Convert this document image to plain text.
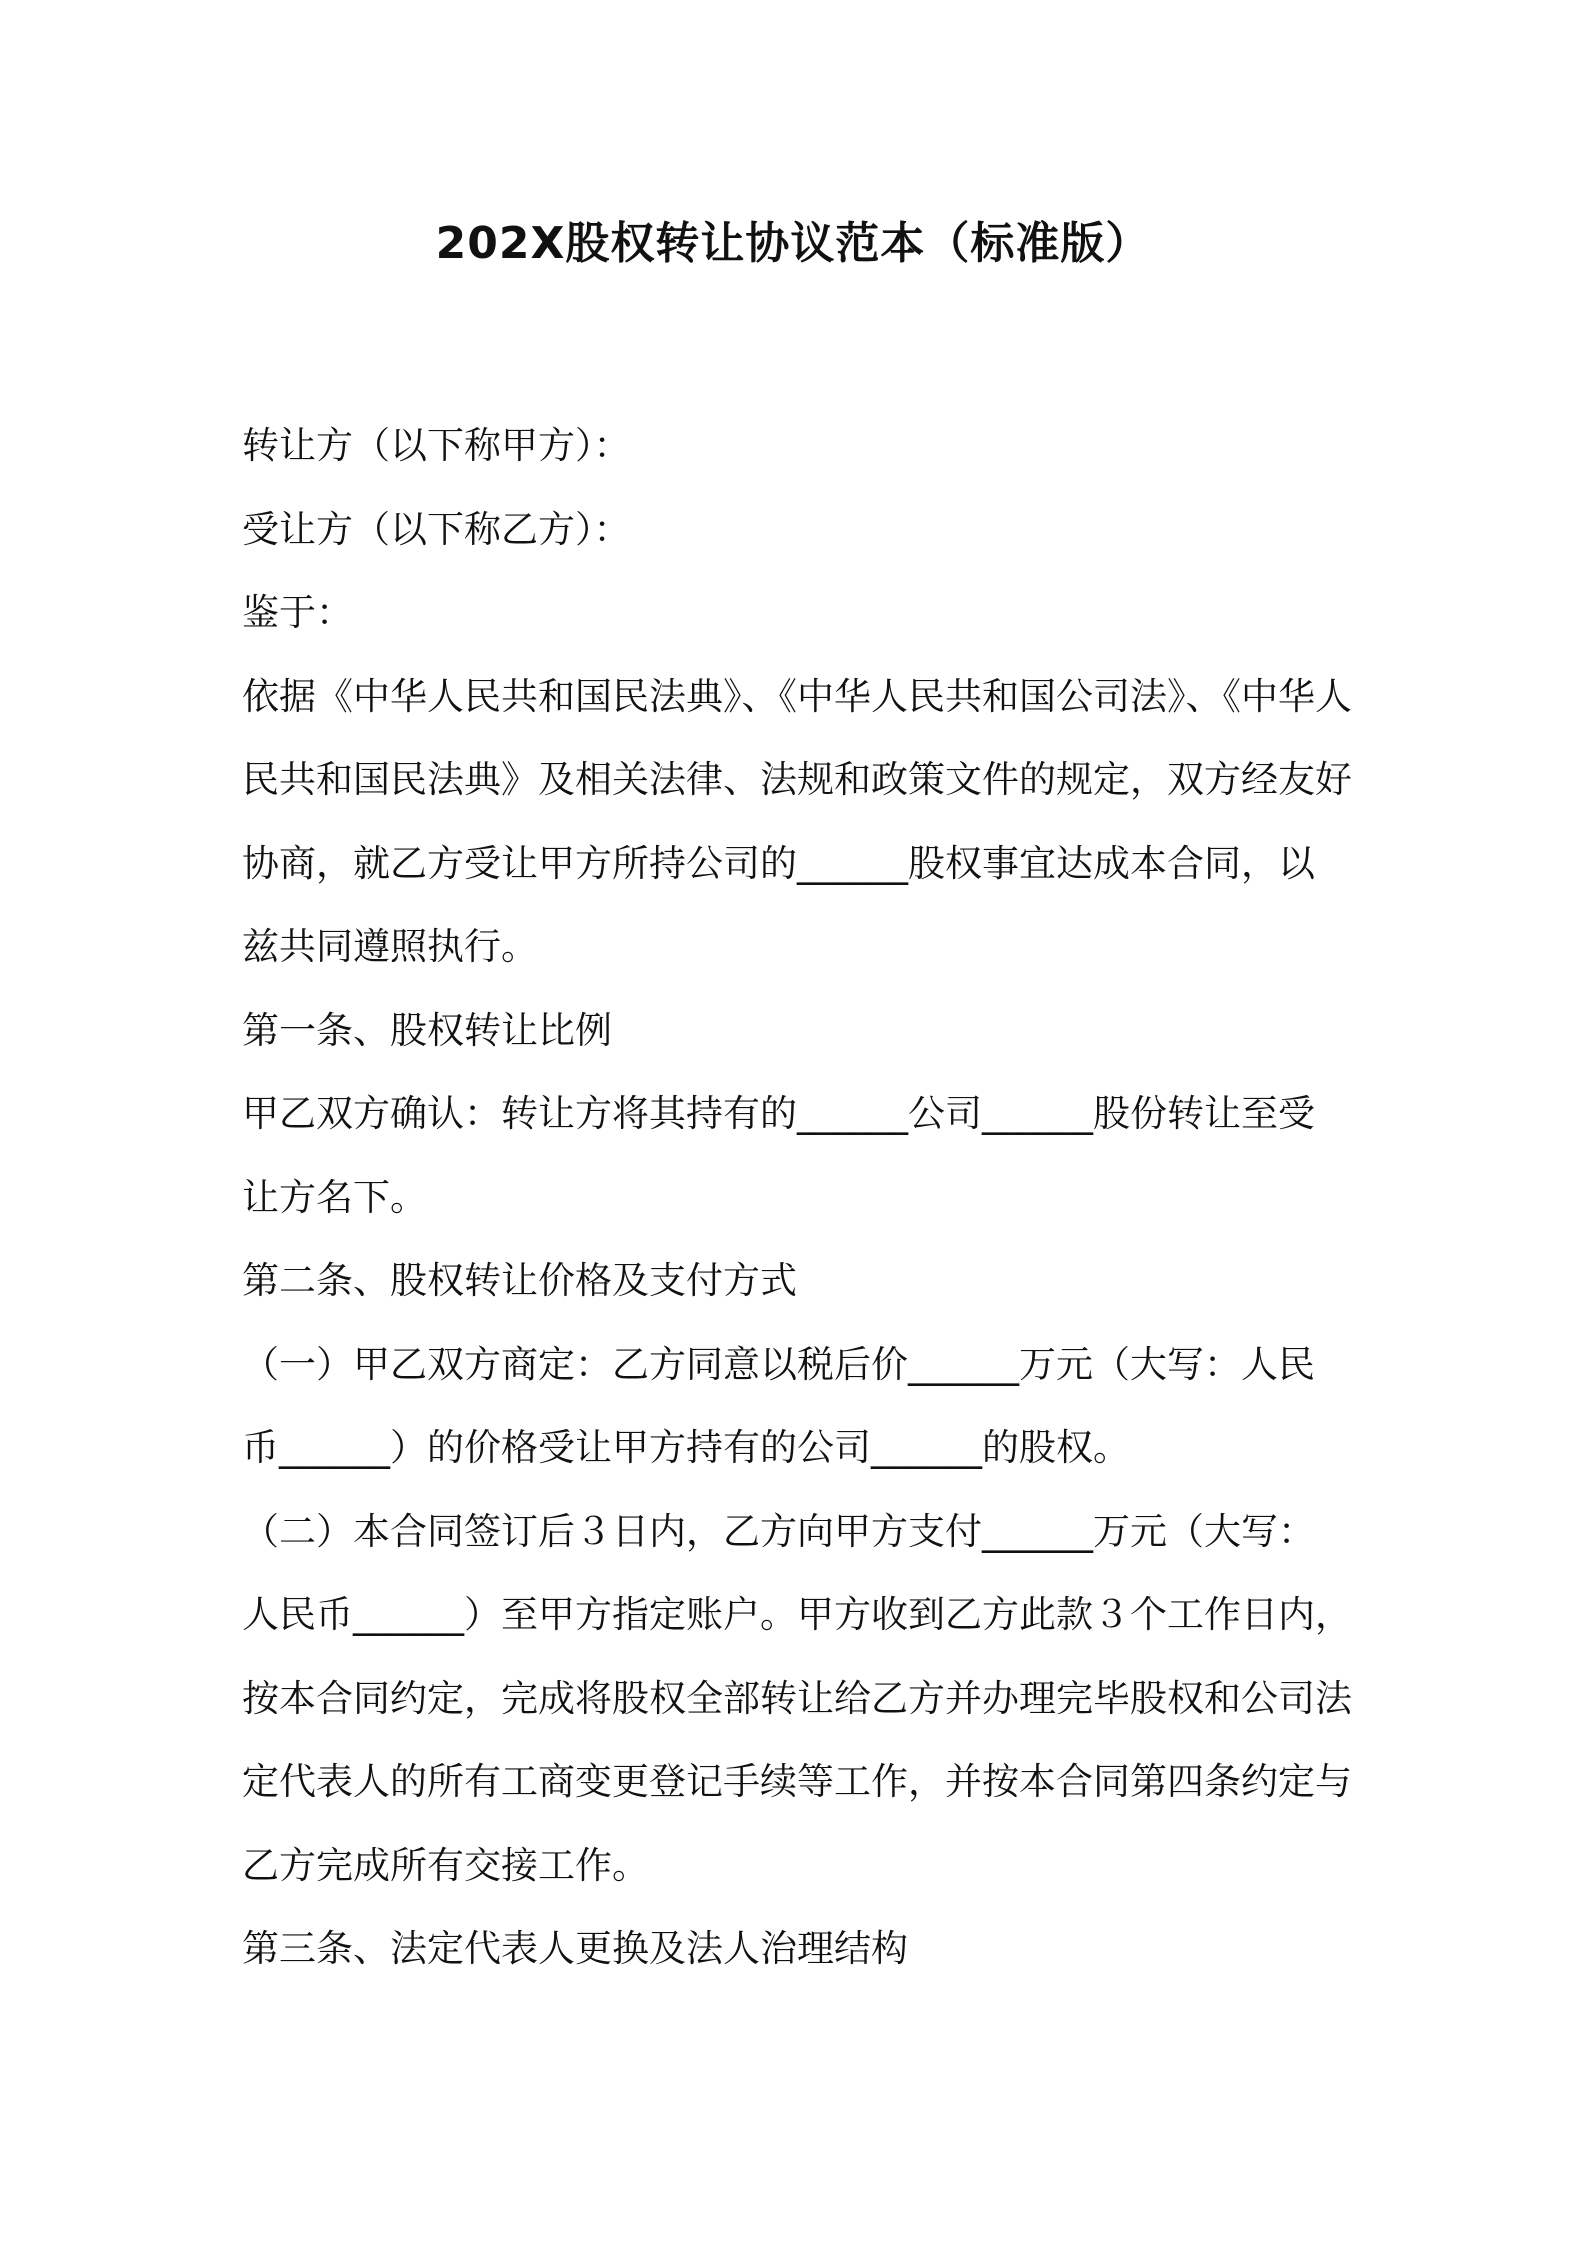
202X股权转让协议范本（标准版）
转让方（以下称甲方）：
受让方（以下称乙方）：
鉴于：
依据《中华人民共和国民法典》、《中华人民共和国公司法》、《中华人
民共和国民法典》及相关法律、法规和政策文件的规定，双方经友好
协商，就乙方受让甲方所持公司的______股权事宜达成本合同，以
兹共同遵照执行。
第一条、股权转让比例
甲乙双方确认：转让方将其持有的______公司______股份转让至受
让方名下。
第二条、股权转让价格及支付方式
（一）甲乙双方商定：乙方同意以税后价______万元（大写：人民
币______）的价格受让甲方持有的公司______的股权。
（二）本合同签订后３日内，乙方向甲方支付______万元（大写：
人民币______）至甲方指定账户。甲方收到乙方此款３个工作日内，
按本合同约定，完成将股权全部转让给乙方并办理完毕股权和公司法
定代表人的所有工商变更登记手续等工作，并按本合同第四条约定与
乙方完成所有交接工作。
第三条、法定代表人更换及法人治理结构
